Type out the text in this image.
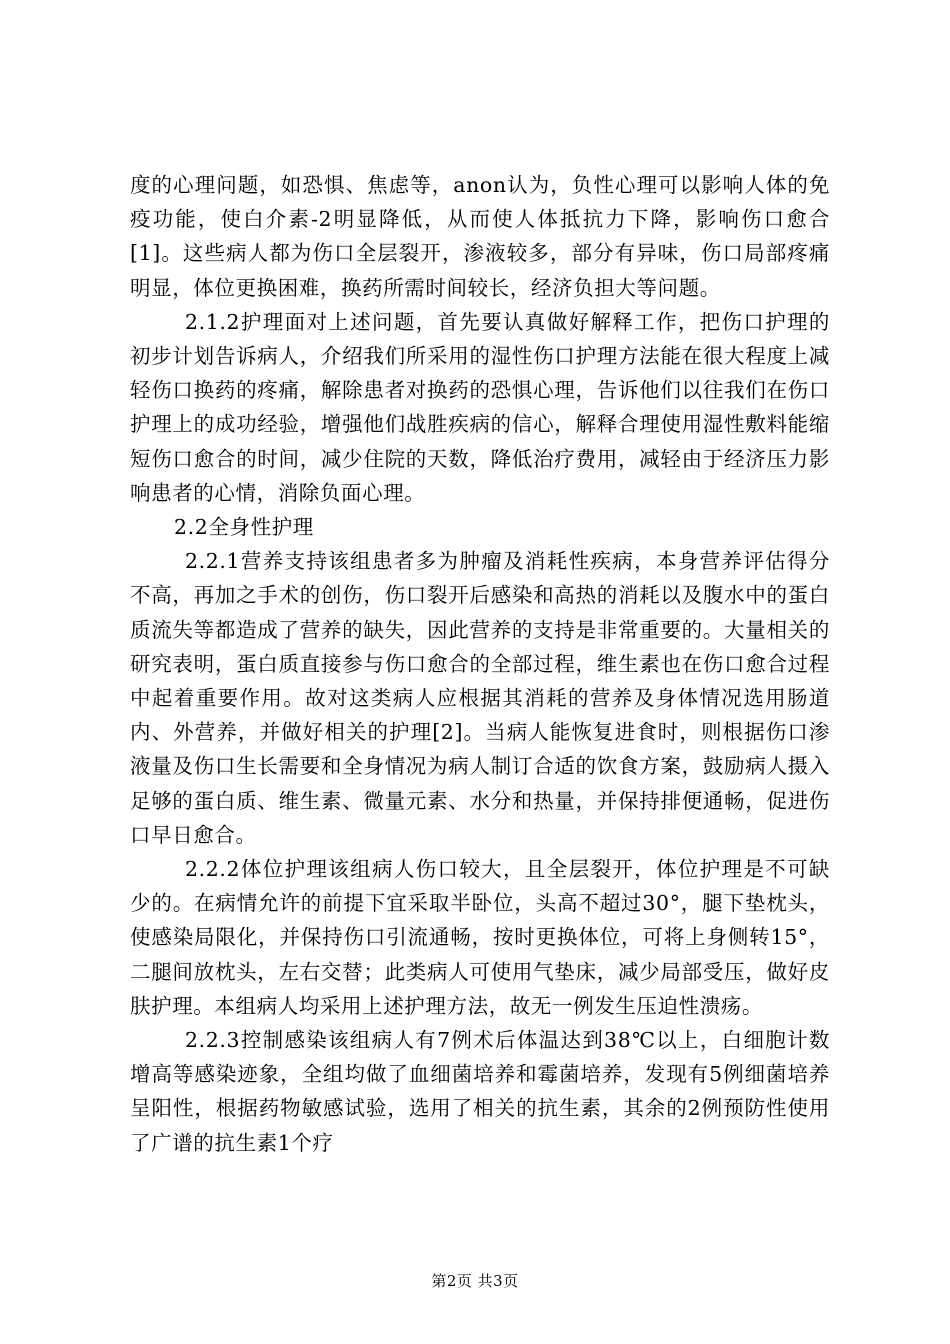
度的心理问题，如恐惧、焦虑等，anon认为，负性心理可以影响人体的免疫功能，使白介素-2明显降低，从而使人体抵抗力下降，影响伤口愈合[1]。这些病人都为伤口全层裂开，渗液较多，部分有异味，伤口局部疼痛明显，体位更换困难，换药所需时间较长，经济负担大等问题。

2.1.2护理面对上述问题，首先要认真做好解释工作，把伤口护理的初步计划告诉病人，介绍我们所采用的湿性伤口护理方法能在很大程度上减轻伤口换药的疼痛，解除患者对换药的恐惧心理，告诉他们以往我们在伤口护理上的成功经验，增强他们战胜疾病的信心，解释合理使用湿性敷料能缩短伤口愈合的时间，减少住院的天数，降低治疗费用，减轻由于经济压力影响患者的心情，消除负面心理。

2.2全身性护理

2.2.1营养支持该组患者多为肿瘤及消耗性疾病，本身营养评估得分不高，再加之手术的创伤，伤口裂开后感染和高热的消耗以及腹水中的蛋白质流失等都造成了营养的缺失，因此营养的支持是非常重要的。大量相关的研究表明，蛋白质直接参与伤口愈合的全部过程，维生素也在伤口愈合过程中起着重要作用。故对这类病人应根据其消耗的营养及身体情况选用肠道内、外营养，并做好相关的护理[2]。当病人能恢复进食时，则根据伤口渗液量及伤口生长需要和全身情况为病人制订合适的饮食方案，鼓励病人摄入足够的蛋白质、维生素、微量元素、水分和热量，并保持排便通畅，促进伤口早日愈合。

2.2.2体位护理该组病人伤口较大，且全层裂开，体位护理是不可缺少的。在病情允许的前提下宜采取半卧位，头高不超过30°，腿下垫枕头，使感染局限化，并保持伤口引流通畅，按时更换体位，可将上身侧转15°，二腿间放枕头，左右交替；此类病人可使用气垫床，减少局部受压，做好皮肤护理。本组病人均采用上述护理方法，故无一例发生压迫性溃疡。

2.2.3控制感染该组病人有7例术后体温达到38℃以上，白细胞计数增高等感染迹象，全组均做了血细菌培养和霉菌培养，发现有5例细菌培养呈阳性，根据药物敏感试验，选用了相关的抗生素，其余的2例预防性使用了广谱的抗生素1个疗

第2页 共3页
